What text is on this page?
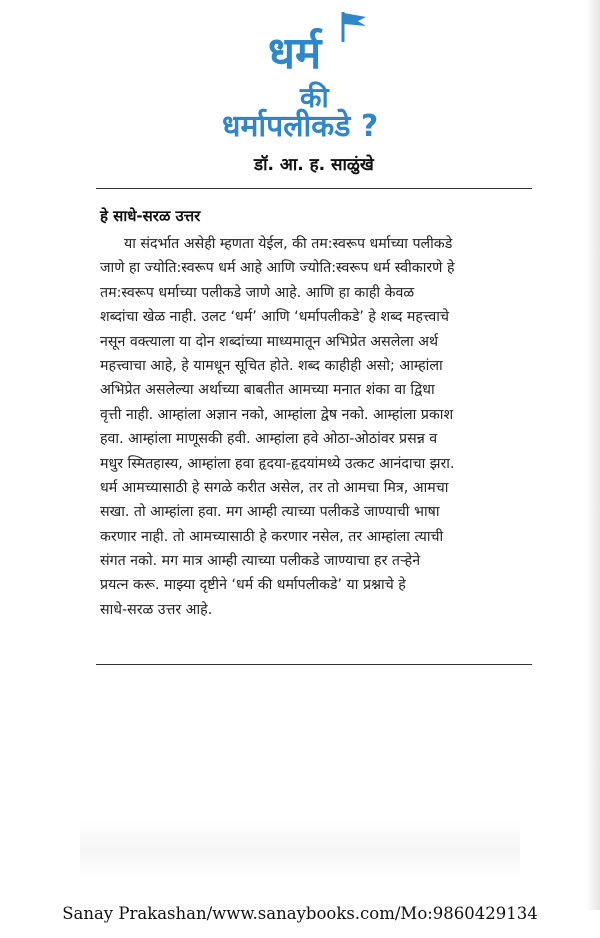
धर्म
की
धर्मापलीकडे ?
डॉ. आ. ह. साळुंखे
हे साधे-सरळ उत्तर
या संदर्भात असेही म्हणता येईल, की तम:स्वरूप धर्माच्या पलीकडे
जाणे हा ज्योति:स्वरूप धर्म आहे आणि ज्योति:स्वरूप धर्म स्वीकारणे हे
तम:स्वरूप धर्माच्या पलीकडे जाणे आहे. आणि हा काही केवळ
शब्दांचा खेळ नाही. उलट ‘धर्म’ आणि ‘धर्मापलीकडे’ हे शब्द महत्त्वाचे
नसून वक्त्याला या दोन शब्दांच्या माध्यमातून अभिप्रेत असलेला अर्थ
महत्त्वाचा आहे, हे यामधून सूचित होते. शब्द काहीही असो; आम्हांला
अभिप्रेत असलेल्या अर्थाच्या बाबतीत आमच्या मनात शंका वा द्विधा
वृत्ती नाही. आम्हांला अज्ञान नको, आम्हांला द्वेष नको. आम्हांला प्रकाश
हवा. आम्हांला माणूसकी हवी. आम्हांला हवे ओठा-ओठांवर प्रसन्न व
मधुर स्मितहास्य, आम्हांला हवा हृदया-हृदयांमध्ये उत्कट आनंदाचा झरा.
धर्म आमच्यासाठी हे सगळे करीत असेल, तर तो आमचा मित्र, आमचा
सखा. तो आम्हांला हवा. मग आम्ही त्याच्या पलीकडे जाण्याची भाषा
करणार नाही. तो आमच्यासाठी हे करणार नसेल, तर आम्हांला त्याची
संगत नको. मग मात्र आम्ही त्याच्या पलीकडे जाण्याचा हर तऱ्हेने
प्रयत्न करू. माझ्या दृष्टीने ‘धर्म की धर्मापलीकडे’ या प्रश्नाचे हे
साधे-सरळ उत्तर आहे.
Sanay Prakashan/www.sanaybooks.com/Mo:9860429134
